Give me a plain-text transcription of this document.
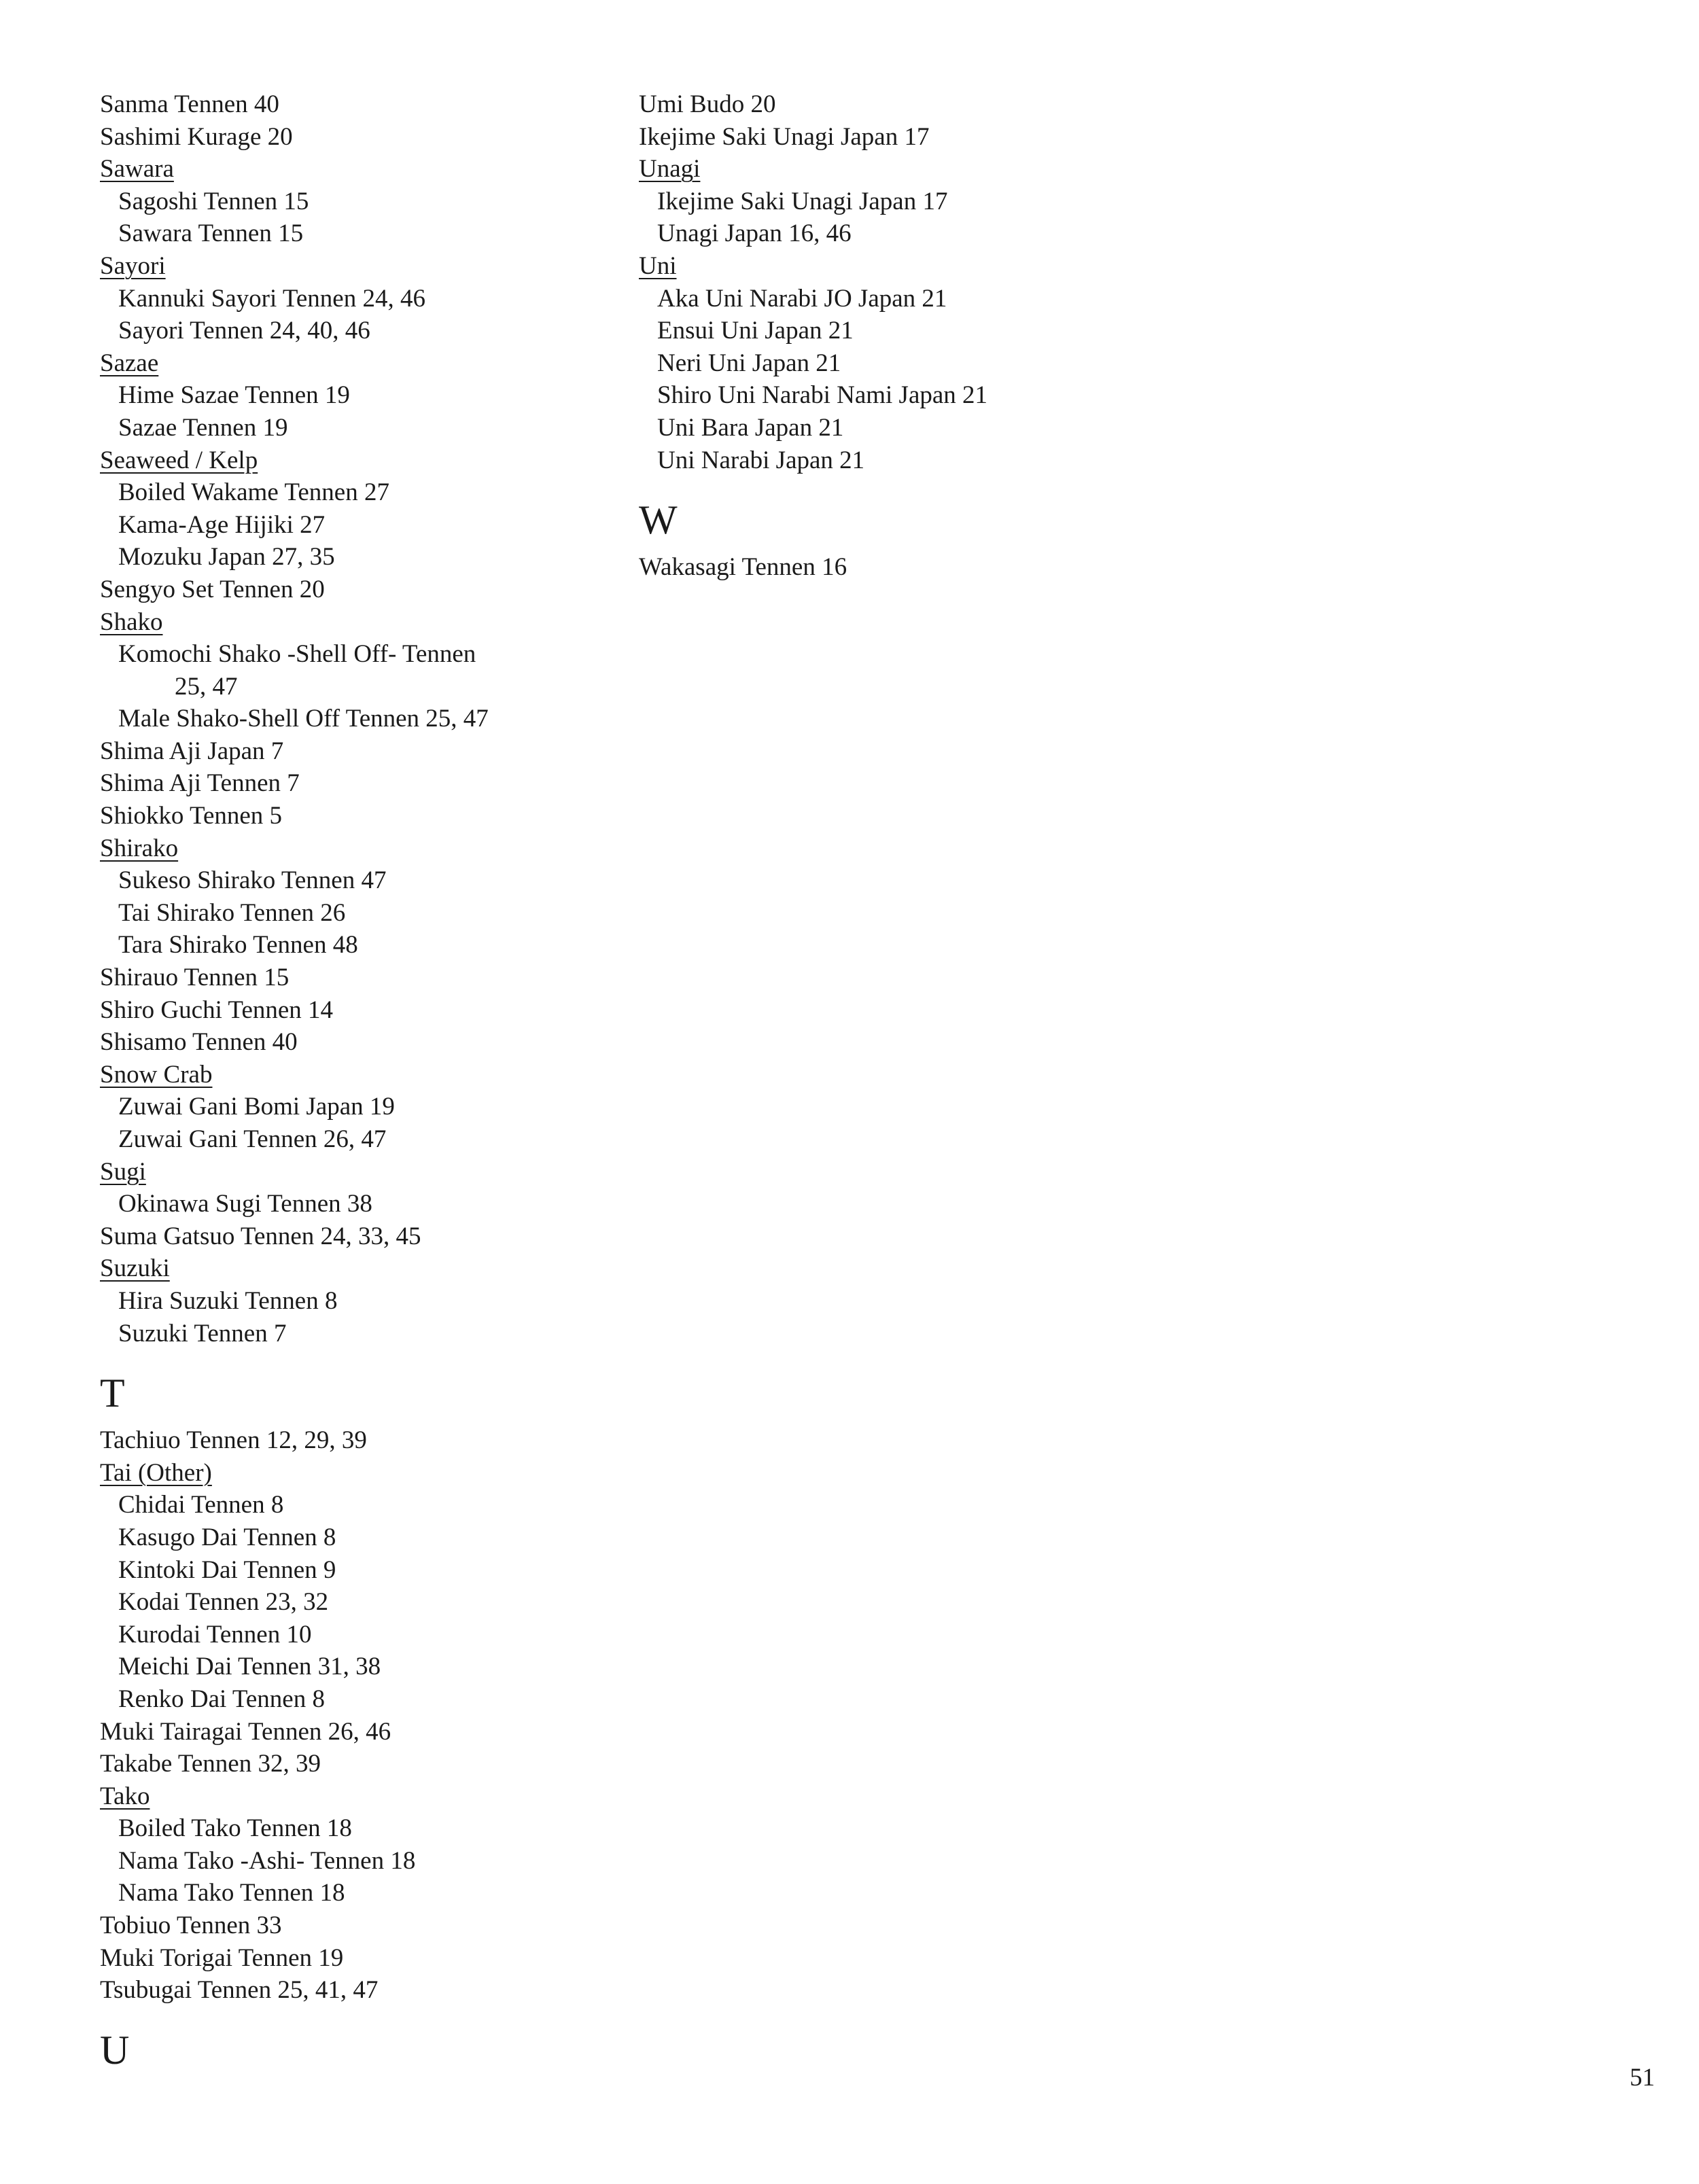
Sanma Tennen 40
Sashimi Kurage 20
Sawara
Sagoshi Tennen 15
Sawara Tennen 15
Sayori
Kannuki Sayori Tennen 24, 46
Sayori Tennen 24, 40, 46
Sazae
Hime Sazae Tennen 19
Sazae Tennen 19
Seaweed / Kelp
Boiled Wakame Tennen 27
Kama-Age Hijiki 27
Mozuku Japan 27, 35
Sengyo Set Tennen 20
Shako
Komochi Shako -Shell Off- Tennen
25, 47
Male Shako-Shell Off Tennen 25, 47
Shima Aji Japan 7
Shima Aji Tennen 7
Shiokko Tennen 5
Shirako
Sukeso Shirako Tennen 47
Tai Shirako Tennen 26
Tara Shirako Tennen 48
Shirauo Tennen 15
Shiro Guchi Tennen 14
Shisamo Tennen 40
Snow Crab
Zuwai Gani Bomi Japan 19
Zuwai Gani Tennen 26, 47
Sugi
Okinawa Sugi Tennen 38
Suma Gatsuo Tennen 24, 33, 45
Suzuki
Hira Suzuki Tennen 8
Suzuki Tennen 7
T
Tachiuo Tennen 12, 29, 39
Tai (Other)
Chidai Tennen 8
Kasugo Dai Tennen 8
Kintoki Dai Tennen 9
Kodai Tennen 23, 32
Kurodai Tennen 10
Meichi Dai Tennen 31, 38
Renko Dai Tennen 8
Muki Tairagai Tennen 26, 46
Takabe Tennen 32, 39
Tako
Boiled Tako Tennen 18
Nama Tako -Ashi- Tennen 18
Nama Tako Tennen 18
Tobiuo Tennen 33
Muki Torigai Tennen 19
Tsubugai Tennen 25, 41, 47
U
Umi Budo 20
Ikejime Saki Unagi Japan 17
Unagi
Ikejime Saki Unagi Japan 17
Unagi Japan 16, 46
Uni
Aka Uni Narabi JO Japan 21
Ensui Uni Japan 21
Neri Uni Japan 21
Shiro Uni Narabi Nami Japan 21
Uni Bara Japan 21
Uni Narabi Japan 21
W
Wakasagi Tennen 16
51
